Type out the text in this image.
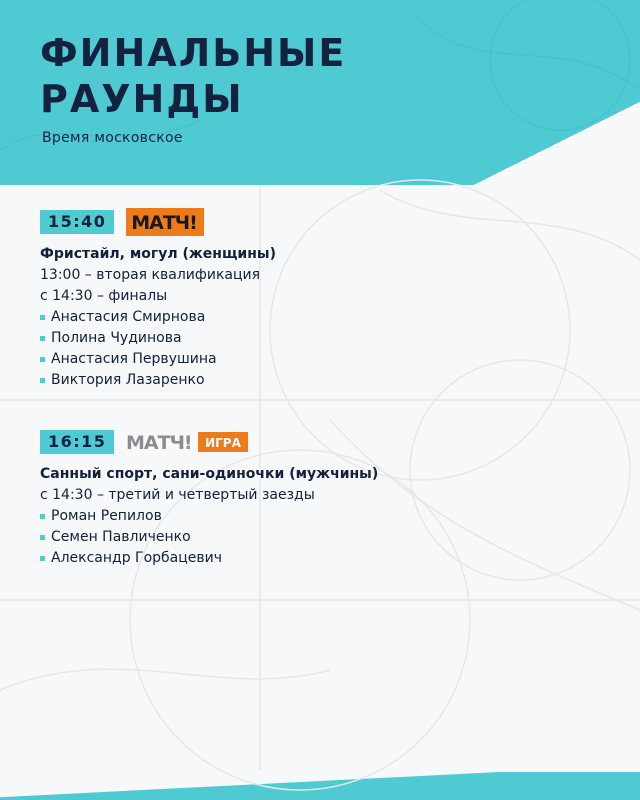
ФИНАЛЬНЫЕ
РАУНДЫ
Время московское
15:40	МАТЧ!
Фристайл, могул (женщины)
13:00 – вторая квалификация
с 14:30 – финалы
Анастасия Смирнова
Полина Чудинова
Анастасия Первушина
Виктория Лазаренко
16:15	МАТЧ! ИГРА
Санный спорт, сани-одиночки (мужчины)
с 14:30 – третий и четвертый заезды
Роман Репилов
Семен Павличенко
Александр Горбацевич
